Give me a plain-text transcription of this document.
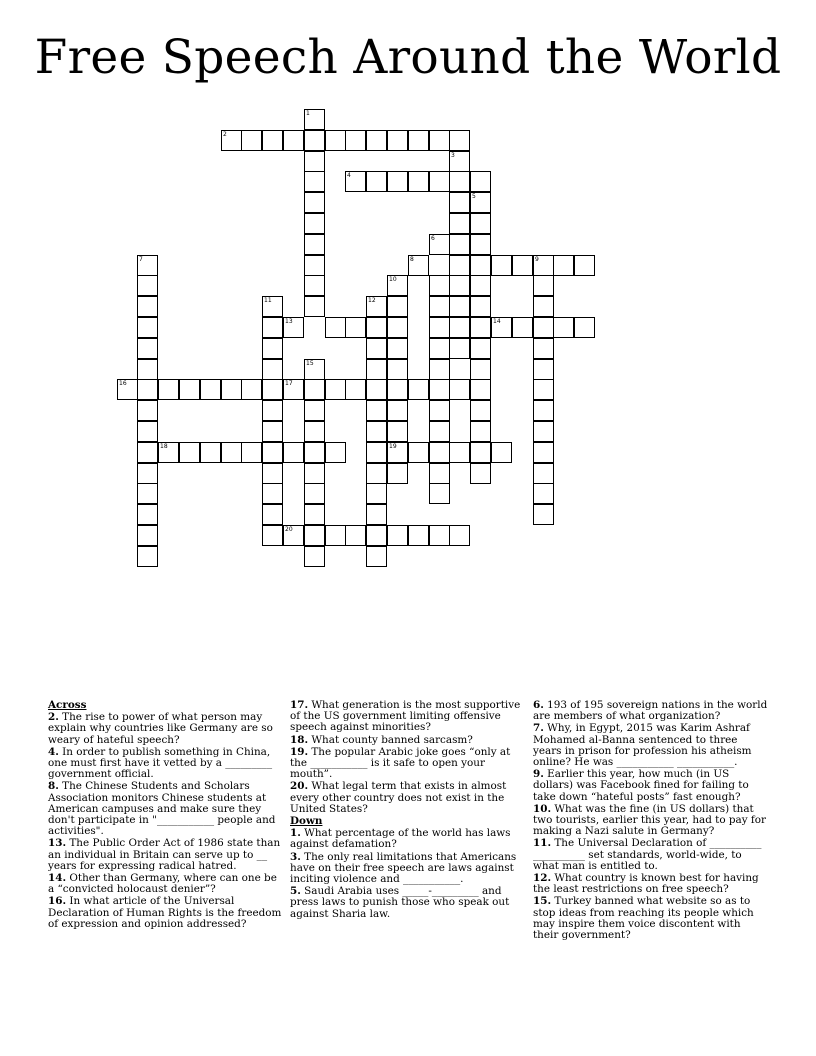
Free Speech Around the World
1
2
3
4
5
6
8	9
7
10
11	12
13	14
15
16	17
18	19
20
Across
2. The rise to power of what person may explain why countries like Germany are so weary of hateful speech?
4. In order to publish something in China, one must first have it vetted by a _________ government official.
8. The Chinese Students and Scholars Association monitors Chinese students at American campuses and make sure they don't participate in "___________ people and activities".
13. The Public Order Act of 1986 state than an individual in Britain can serve up to __ years for expressing radical hatred.
14. Other than Germany, where can one be a “convicted holocaust denier”?
16. In what article of the Universal Declaration of Human Rights is the freedom of expression and opinion addressed?
17. What generation is the most supportive of the US government limiting offensive speech against minorities?
18. What county banned sarcasm?
19. The popular Arabic joke goes “only at the ___________ is it safe to open your mouth”.
20. What legal term that exists in almost every other country does not exist in the United States?
Down
1. What percentage of the world has laws against defamation?
3. The only real limitations that Americans have on their free speech are laws against inciting violence and ___________.
5. Saudi Arabia uses _____-_________ and press laws to punish those who speak out against Sharia law.
6. 193 of 195 sovereign nations in the world are members of what organization?
7. Why, in Egypt, 2015 was Karim Ashraf Mohamed al-Banna sentenced to three years in prison for profession his atheism online? He was ___________ ___________.
9. Earlier this year, how much (in US dollars) was Facebook fined for failing to take down “hateful posts” fast enough?
10. What was the fine (in US dollars) that two tourists, earlier this year, had to pay for making a Nazi salute in Germany?
11. The Universal Declaration of __________ __________ set standards, world-wide, to what man is entitled to.
12. What country is known best for having the least restrictions on free speech?
15. Turkey banned what website so as to stop ideas from reaching its people which may inspire them voice discontent with their government?
